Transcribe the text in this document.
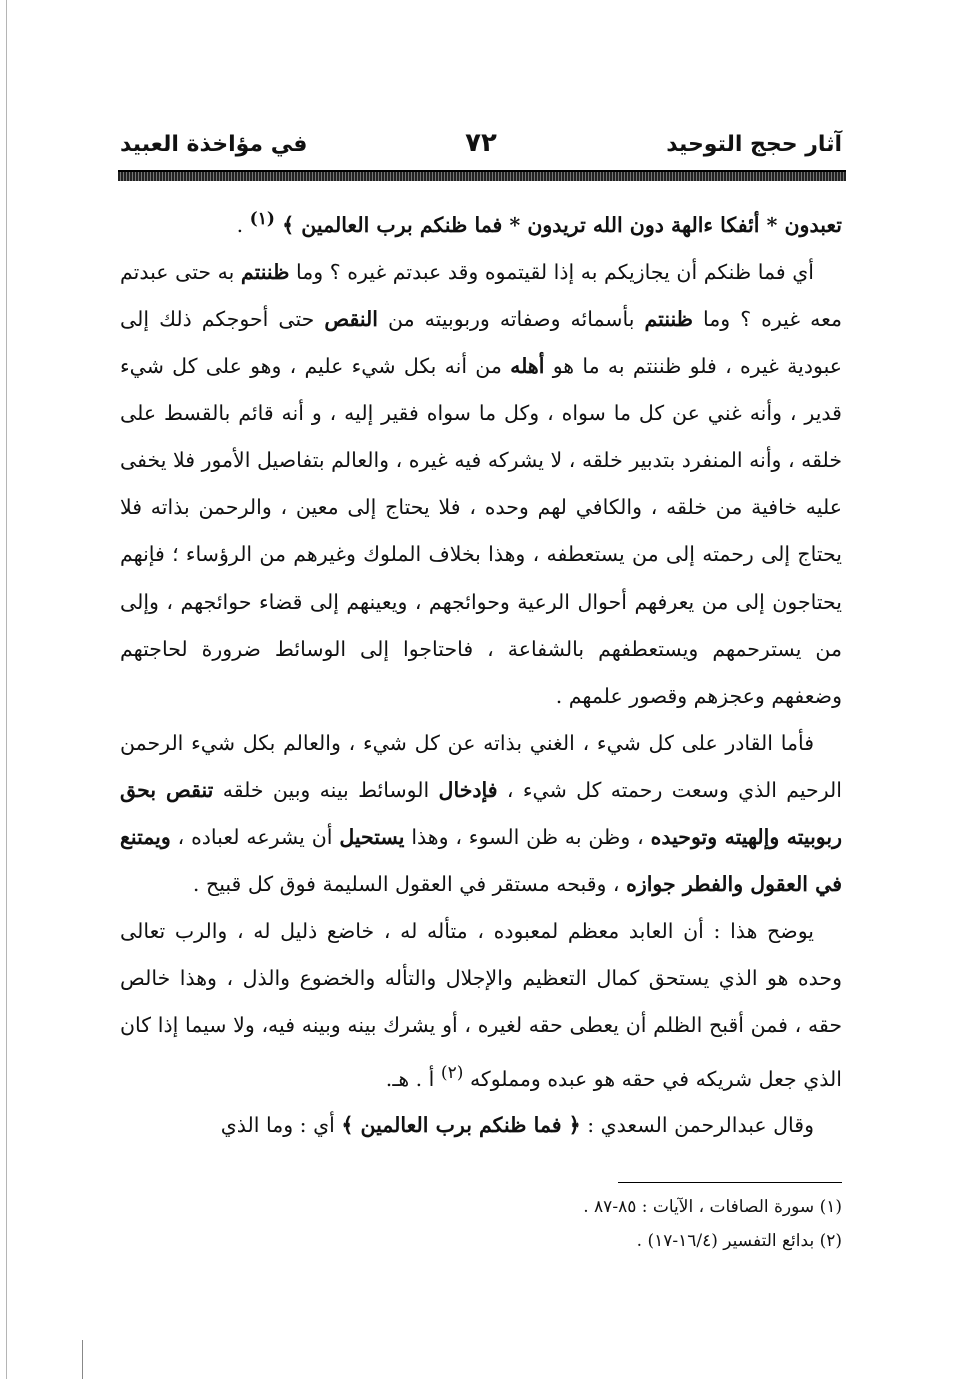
آثار حجج التوحيد
٧٢
في مؤاخذة العبيد

تعبدون * أئفكا ءالهة دون الله تريدون * فما ظنكم برب العالمين ﴾ $^{(١)}$ .

أي فما ظنكم أن يجازيكم به إذا لقيتموه وقد عبدتم غيره ؟ وما ظننتم به حتى عبدتم معه غيره ؟ وما ظننتم بأسمائه وصفاته وربوبيته من النقص حتى أحوجكم ذلك إلى عبودية غيره ، فلو ظننتم به ما هو أهله من أنه بكل شيء عليم ، وهو على كل شيء قدير ، وأنه غني عن كل ما سواه ، وكل ما سواه فقير إليه ، و أنه قائم بالقسط على خلقه ، وأنه المنفرد بتدبير خلقه ، لا يشركه فيه غيره ، والعالم بتفاصيل الأمور فلا يخفى عليه خافية من خلقه ، والكافي لهم وحده ، فلا يحتاج إلى معين ، والرحمن بذاته فلا يحتاج إلى رحمته إلى من يستعطفه ، وهذا بخلاف الملوك وغيرهم من الرؤساء ؛ فإنهم يحتاجون إلى من يعرفهم أحوال الرعية وحوائجهم ، ويعينهم إلى قضاء حوائجهم ، وإلى من يسترحمهم ويستعطفهم بالشفاعة ، فاحتاجوا إلى الوسائط ضرورة لحاجتهم وضعفهم وعجزهم وقصور علمهم .

فأما القادر على كل شيء ، الغني بذاته عن كل شيء ، والعالم بكل شيء الرحمن الرحيم الذي وسعت رحمته كل شيء ، فإدخال الوسائط بينه وبين خلقه تنقص بحق ربوبيته وإلهيته وتوحيده ، وظن به ظن السوء ، وهذا يستحيل أن يشرعه لعباده ، ويمتنع في العقول والفطر جوازه ، وقبحه مستقر في العقول السليمة فوق كل قبيح .

يوضح هذا : أن العابد معظم لمعبوده ، متأله له ، خاضع ذليل له ، والرب تعالى وحده هو الذي يستحق كمال التعظيم والإجلال والتأله والخضوع والذل ، وهذا خالص حقه ، فمن أقبح الظلم أن يعطى حقه لغيره ، أو يشرك بينه وبينه فيه، ولا سيما إذا كان الذي جعل شريكه في حقه هو عبده ومملوكه $^{(٢)}$ أ . هـ.

وقال عبدالرحمن السعدي : ﴿ فما ظنكم برب العالمين ﴾ أي : وما الذي

(١) سورة الصافات ، الآيات : ٨٥-٨٧ .
(٢) بدائع التفسير (١٦/٤-١٧) .
